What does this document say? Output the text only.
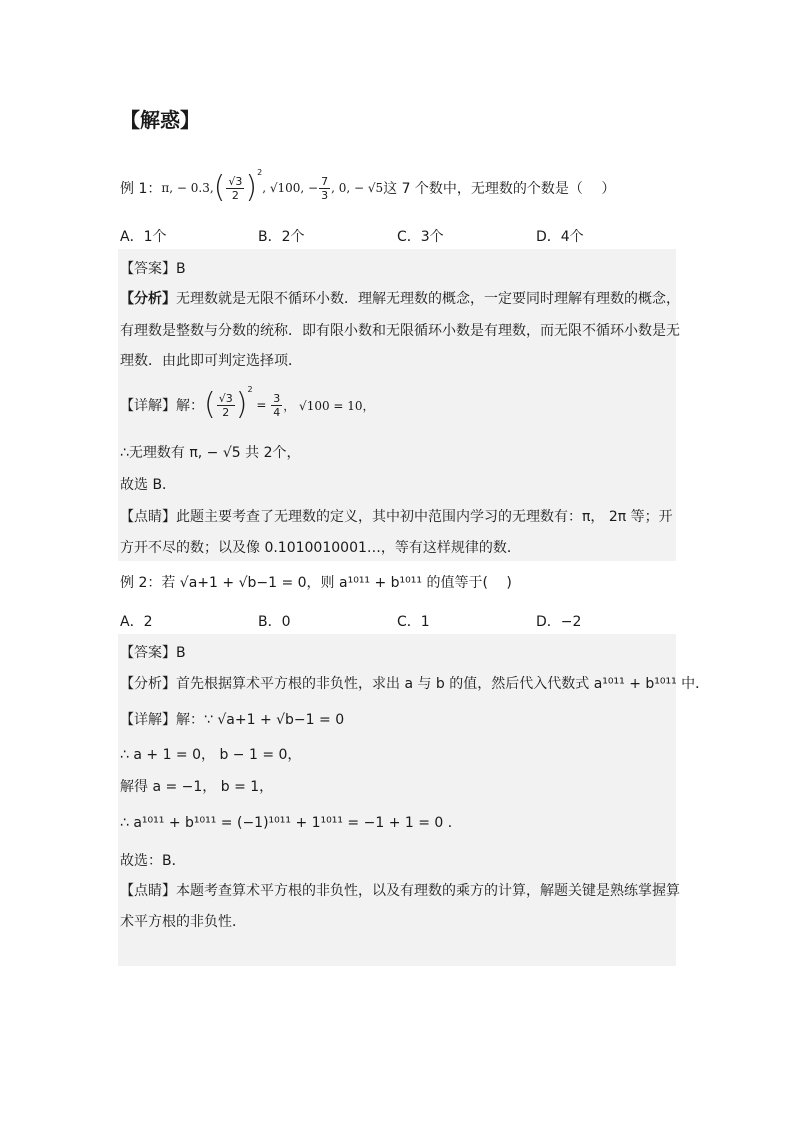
【解惑】
例 1： π, − 0.3, ( $\frac{√3}{2}$ ) 2
, √100, − $\frac{7}{3}$ , 0, − √5 这 7 个数中，无理数的个数是（　 ）
A．1个	B．2个	C．3个	D．4个
【答案】B
【分析】无理数就是无限不循环小数．理解无理数的概念，一定要同时理解有理数的概念，
有理数是整数与分数的统称．即有限小数和无限循环小数是有理数，而无限不循环小数是无
理数．由此即可判定选择项．
【详解】解： ( $\frac{√3}{2}$ ) 2
= $\frac{3}{4}$ ， √100 = 10，
∴无理数有 π, − √5 共 2个，
故选 B．
【点睛】此题主要考查了无理数的定义，其中初中范围内学习的无理数有：π， 2π 等；开
方开不尽的数；以及像 0.1010010001…，等有这样规律的数．
例 2：若 √a+1 + √b−1 = 0，则 a¹⁰¹¹ + b¹⁰¹¹ 的值等于(　 )
A．2	B．0	C．1	D．−2
【答案】B
【分析】首先根据算术平方根的非负性，求出 a 与 b 的值，然后代入代数式 a¹⁰¹¹ + b¹⁰¹¹ 中．
【详解】解：∵ √a+1 + √b−1 = 0
∴ a + 1 = 0， b − 1 = 0，
解得 a = −1， b = 1，
∴ a¹⁰¹¹ + b¹⁰¹¹ = (−1)¹⁰¹¹ + 1¹⁰¹¹ = −1 + 1 = 0 ．
故选：B．
【点睛】本题考查算术平方根的非负性，以及有理数的乘方的计算，解题关键是熟练掌握算
术平方根的非负性．
